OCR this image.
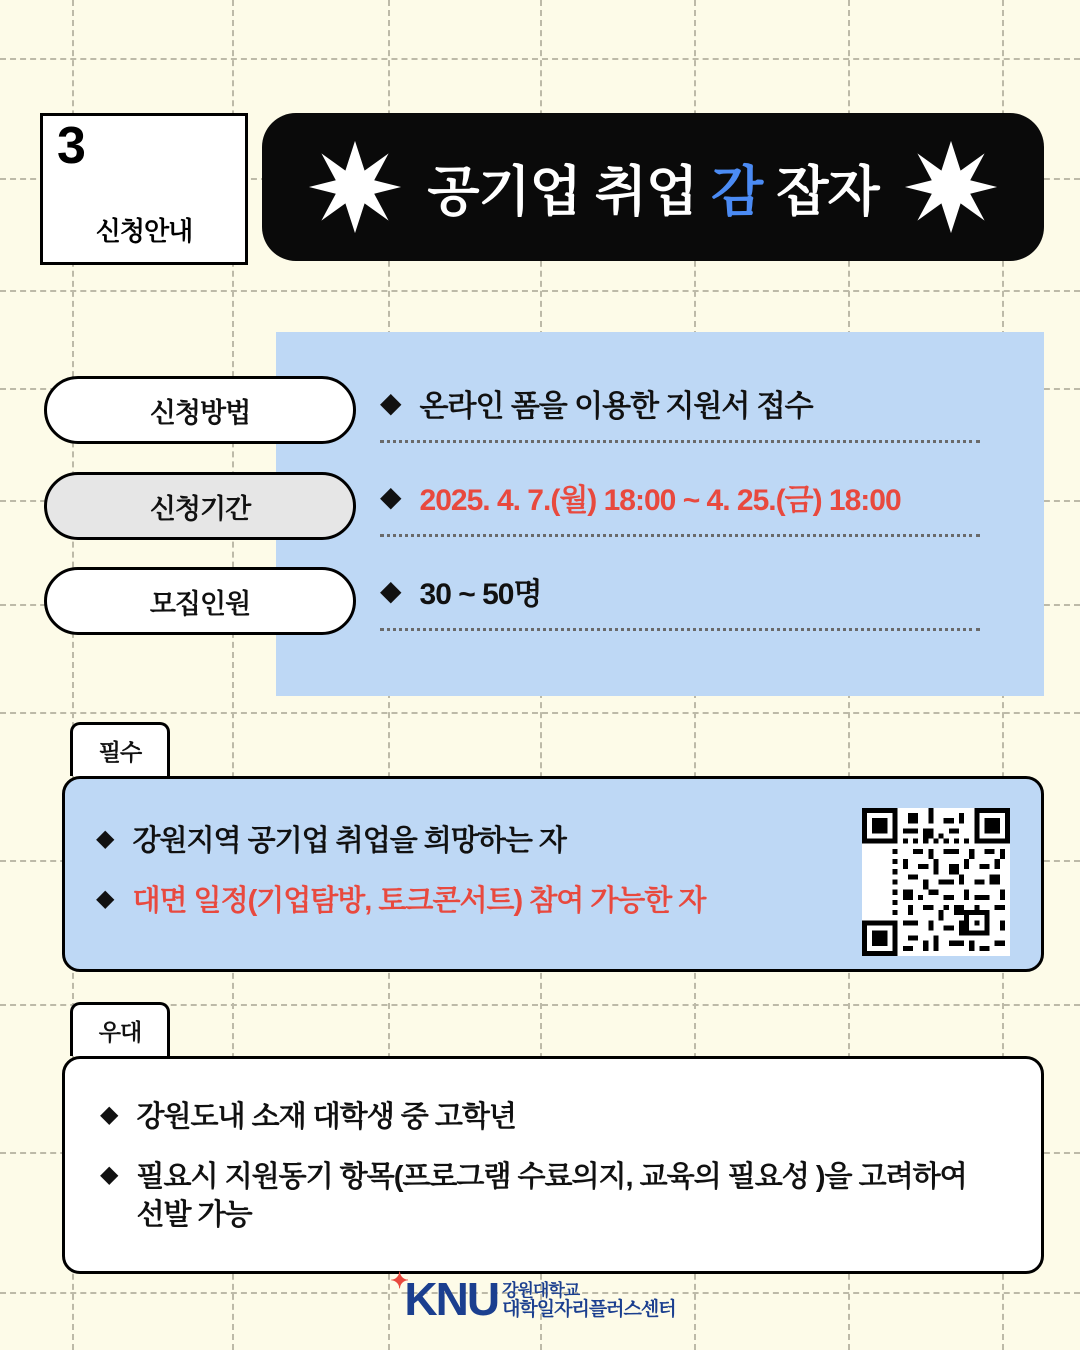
3
신청안내
공기업 취업 감 잡자
◆ 온라인 폼을 이용한 지원서 접수
◆ 2025. 4. 7.(월) 18:00 ~ 4. 25.(금) 18:00
◆ 30 ~ 50명
신청방법
신청기간
모집인원
필수
◆ 강원지역 공기업 취업을 희망하는 자
◆ 대면 일정(기업탐방, 토크콘서트) 참여 가능한 자
우대
◆ 강원도내 소재 대학생 중 고학년
◆ 필요시 지원동기 항목(프로그램 수료의지, 교육의 필요성 )을 고려하여 선발 가능
✦
KNU 강원대학교
대학일자리플러스센터
